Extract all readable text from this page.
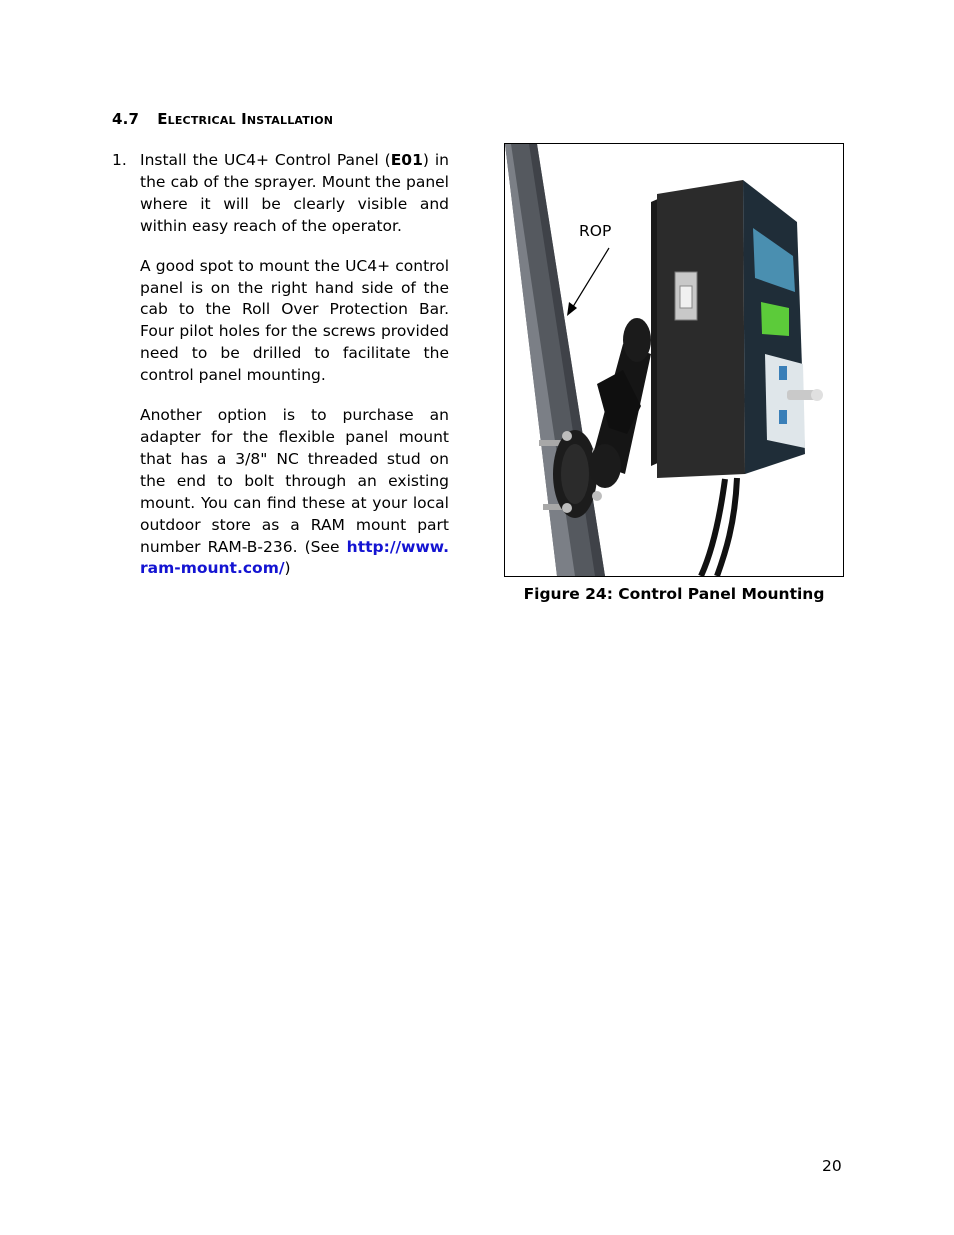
4.7 Electrical Installation
1. Install the UC4+ Control Panel (E01) in the cab of the sprayer. Mount the panel where it will be clearly visible and within easy reach of the operator.

A good spot to mount the UC4+ control panel is on the right hand side of the cab to the Roll Over Protection Bar. Four pilot holes for the screws provided need to be drilled to facilitate the control panel mounting.

Another option is to purchase an adapter for the flexible panel mount that has a 3/8" NC threaded stud on the end to bolt through an existing mount. You can find these at your local outdoor store as a RAM mount part number RAM-B-236. (See http://www.ram-mount.com/)

ROP
Figure 24: Control Panel Mounting
20
